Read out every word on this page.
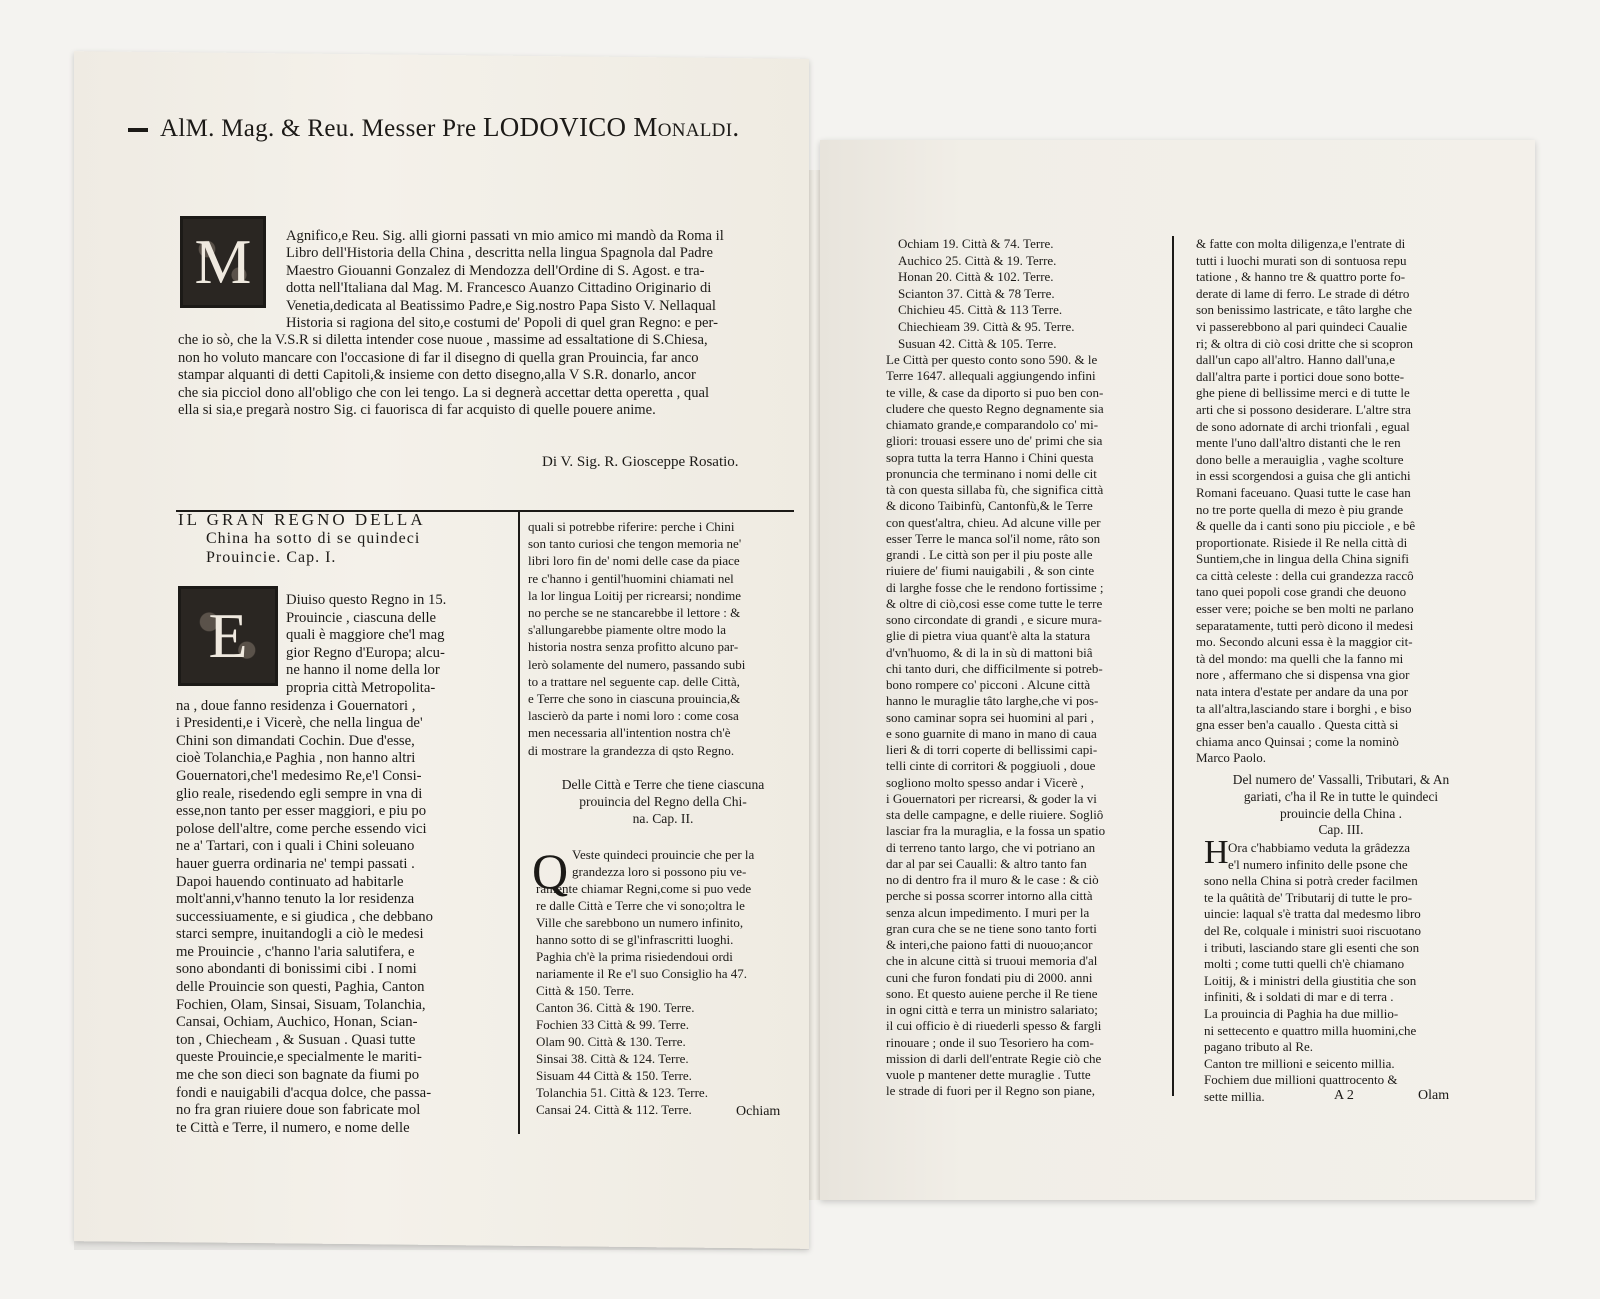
AlM. Mag. & Reu. Messer Pre LODOVICO Monaldi.
M	Agnifico,e Reu. Sig. alli giorni passati vn mio amico mi mandò da Roma il
Libro dell'Historia della China , descritta nella lingua Spagnola dal Padre
Maestro Giouanni Gonzalez di Mendozza dell'Ordine di S. Agost. e tra-
dotta nell'Italiana dal Mag. M. Francesco Auanzo Cittadino Originario di
Venetia,dedicata al Beatissimo Padre,e Sig.nostro Papa Sisto V. Nellaqual
Historia si ragiona del sito,e costumi de' Popoli di quel gran Regno: e per-
che io sò, che la V.S.R si diletta intender cose nuoue , massime ad essaltatione di S.Chiesa,
non ho voluto mancare con l'occasione di far il disegno di quella gran Prouincia, far anco
stampar alquanti di detti Capitoli,& insieme con detto disegno,alla V S.R. donarlo, ancor
che sia picciol dono all'obligo che con lei tengo. La si degnerà accettar detta operetta , qual
ella si sia,e pregarà nostro Sig. ci fauorisca di far acquisto di quelle pouere anime.
Di V. Sig. R. Giosceppe Rosatio.
IL GRAN REGNO DELLA
China ha sotto di se quindeci
Prouincie. Cap. I.
E	Diuiso questo Regno in 15.
Prouincie , ciascuna delle
quali è maggiore che'l mag
gior Regno d'Europa; alcu-
ne hanno il nome della lor
propria città Metropolita-
na , doue fanno residenza i Gouernatori ,
i Presidenti,e i Vicerè, che nella lingua de'
Chini son dimandati Cochin. Due d'esse,
cioè Tolanchia,e Paghia , non hanno altri
Gouernatori,che'l medesimo Re,e'l Consi-
glio reale, risedendo egli sempre in vna di
esse,non tanto per esser maggiori, e piu po
polose dell'altre, come perche essendo vici
ne a' Tartari, con i quali i Chini soleuano
hauer guerra ordinaria ne' tempi passati .
Dapoi hauendo continuato ad habitarle
molt'anni,v'hanno tenuto la lor residenza
successiuamente, e si giudica , che debbano
starci sempre, inuitandogli a ciò le medesi
me Prouincie , c'hanno l'aria salutifera, e
sono abondanti di bonissimi cibi . I nomi
delle Prouincie son questi, Paghia, Canton
Fochien, Olam, Sinsai, Sisuam, Tolanchia,
Cansai, Ochiam, Auchico, Honan, Scian-
ton , Chiecheam , & Susuan . Quasi tutte
queste Prouincie,e specialmente le mariti-
me che son dieci son bagnate da fiumi po
fondi e nauigabili d'acqua dolce, che passa-
no fra gran riuiere doue son fabricate mol
te Città e Terre, il numero, e nome delle
quali si potrebbe riferire: perche i Chini
son tanto curiosi che tengon memoria ne'
libri loro fin de' nomi delle case da piace
re c'hanno i gentil'huomini chiamati nel
la lor lingua Loitij per ricrearsi; nondime
no perche se ne stancarebbe il lettore : &
s'allungarebbe piamente oltre modo la
historia nostra senza profitto alcuno par-
lerò solamente del numero, passando subi
to a trattare nel seguente cap. delle Città,
e Terre che sono in ciascuna prouincia,&
lascierò da parte i nomi loro : come cosa
men necessaria all'intention nostra ch'è
di mostrare la grandezza di qsto Regno.
Delle Città e Terre che tiene ciascuna
prouincia del Regno della Chi-
na. Cap. II.
Q Veste quindeci prouincie che per la
grandezza loro si possono piu ve-
ramente chiamar Regni,come si puo vede
re dalle Città e Terre che vi sono;oltra le
Ville che sarebbono un numero infinito,
hanno sotto di se gl'infrascritti luoghi.
Paghia ch'è la prima risiedendoui ordi
nariamente il Re e'l suo Consiglio ha 47.
Città & 150. Terre.
Canton 36. Città & 190. Terre.
Fochien 33 Città & 99. Terre.
Olam 90. Città & 130. Terre.
Sinsai 38. Città & 124. Terre.
Sisuam 44 Città & 150. Terre.
Tolanchia 51. Città & 123. Terre.
Cansai 24. Città & 112. Terre.	Ochiam
Ochiam 19. Città & 74. Terre.
Auchico 25. Città & 19. Terre.
Honan 20. Città & 102. Terre.
Scianton 37. Città & 78 Terre.
Chichieu 45. Città & 113 Terre.
Chiechieam 39. Città & 95. Terre.
Susuan 42. Città & 105. Terre.
Le Città per questo conto sono 590. & le
Terre 1647. allequali aggiungendo infini
te ville, & case da diporto si puo ben con-
cludere che questo Regno degnamente sia
chiamato grande,e comparandolo co' mi-
gliori: trouasi essere uno de' primi che sia
sopra tutta la terra Hanno i Chini questa
pronuncia che terminano i nomi delle cit
tà con questa sillaba fù, che significa città
& dicono Taibinfù, Cantonfù,& le Terre
con quest'altra, chieu. Ad alcune ville per
esser Terre le manca sol'il nome, râto son
grandi . Le città son per il piu poste alle
riuiere de' fiumi nauigabili , & son cinte
di larghe fosse che le rendono fortissime ;
& oltre di ciò,cosi esse come tutte le terre
sono circondate di grandi , e sicure mura-
glie di pietra viua quant'è alta la statura
d'vn'huomo, & di la in sù di mattoni biâ
chi tanto duri, che difficilmente si potreb-
bono rompere co' picconi . Alcune città
hanno le muraglie tâto larghe,che vi pos-
sono caminar sopra sei huomini al pari ,
e sono guarnite di mano in mano di caua
lieri & di torri coperte di bellissimi capi-
telli cinte di corritori & poggiuoli , doue
sogliono molto spesso andar i Vicerè ,
i Gouernatori per ricrearsi, & goder la vi
sta delle campagne, e delle riuiere. Sogliô
lasciar fra la muraglia, e la fossa un spatio
di terreno tanto largo, che vi potriano an
dar al par sei Caualli: & altro tanto fan
no di dentro fra il muro & le case : & ciò
perche si possa scorrer intorno alla città
senza alcun impedimento. I muri per la
gran cura che se ne tiene sono tanto forti
& interi,che paiono fatti di nuouo;ancor
che in alcune città si truoui memoria d'al
cuni che furon fondati piu di 2000. anni
sono. Et questo auiene perche il Re tiene
in ogni città e terra un ministro salariato;
il cui officio è di riuederli spesso & fargli
rinouare ; onde il suo Tesoriero ha com-
mission di darli dell'entrate Regie ciò che
vuole p mantener dette muraglie . Tutte
le strade di fuori per il Regno son piane,
& fatte con molta diligenza,e l'entrate di
tutti i luochi murati son di sontuosa repu
tatione , & hanno tre & quattro porte fo-
derate di lame di ferro. Le strade di détro
son benissimo lastricate, e tâto larghe che
vi passerebbono al pari quindeci Caualie
ri; & oltra di ciò cosi dritte che si scopron
dall'un capo all'altro. Hanno dall'una,e
dall'altra parte i portici doue sono botte-
ghe piene di bellissime merci e di tutte le
arti che si possono desiderare. L'altre stra
de sono adornate di archi trionfali , egual
mente l'uno dall'altro distanti che le ren
dono belle a merauiglia , vaghe scolture
in essi scorgendosi a guisa che gli antichi
Romani faceuano. Quasi tutte le case han
no tre porte quella di mezo è piu grande
& quelle da i canti sono piu picciole , e bê
proportionate. Risiede il Re nella città di
Suntiem,che in lingua della China signifi
ca città celeste : della cui grandezza raccô
tano quei popoli cose grandi che deuono
esser vere; poiche se ben molti ne parlano
separatamente, tutti però dicono il medesi
mo. Secondo alcuni essa è la maggior cit-
tà del mondo: ma quelli che la fanno mi
nore , affermano che si dispensa vna gior
nata intera d'estate per andare da una por
ta all'altra,lasciando stare i borghi , e biso
gna esser ben'a cauallo . Questa città si
chiama anco Quinsai ; come la nominò
Marco Paolo.
Del numero de' Vassalli, Tributari, & An
gariati, c'ha il Re in tutte le quindeci
prouincie della China .
Cap. III.
H Ora c'habbiamo veduta la grâdezza
e'l numero infinito delle psone che
sono nella China si potrà creder facilmen
te la quâtità de' Tributarij di tutte le pro-
uincie: laqual s'è tratta dal medesmo libro
del Re, colquale i ministri suoi riscuotano
i tributi, lasciando stare gli esenti che son
molti ; come tutti quelli ch'è chiamano
Loitij, & i ministri della giustitia che son
infiniti, & i soldati di mar e di terra .
La prouincia di Paghia ha due millio-
ni settecento e quattro milla huomini,che
pagano tributo al Re.
Canton tre millioni e seicento millia.
Fochiem due millioni quattrocento &
sette millia.	A 2	Olam
